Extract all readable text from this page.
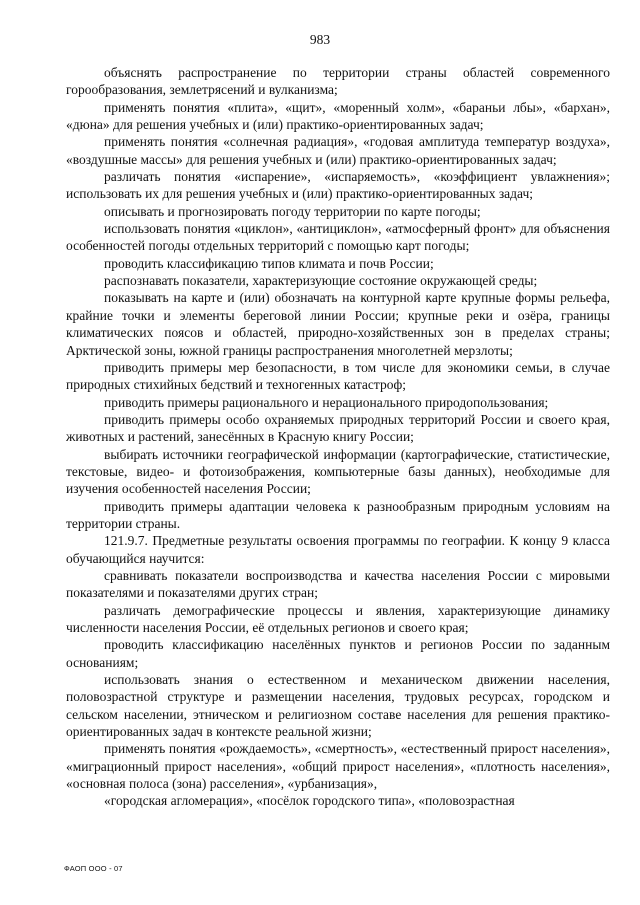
983

объяснять распространение по территории страны областей современного горообразования, землетрясений и вулканизма;

применять понятия «плита», «щит», «моренный холм», «бараньи лбы», «бархан», «дюна» для решения учебных и (или) практико-ориентированных задач;

применять понятия «солнечная радиация», «годовая амплитуда температур воздуха», «воздушные массы» для решения учебных и (или) практико-ориентированных задач;

различать понятия «испарение», «испаряемость», «коэффициент увлажнения»; использовать их для решения учебных и (или) практико-ориентированных задач;

описывать и прогнозировать погоду территории по карте погоды;

использовать понятия «циклон», «антициклон», «атмосферный фронт» для объяснения особенностей погоды отдельных территорий с помощью карт погоды;

проводить классификацию типов климата и почв России;

распознавать показатели, характеризующие состояние окружающей среды;

показывать на карте и (или) обозначать на контурной карте крупные формы рельефа, крайние точки и элементы береговой линии России; крупные реки и озёра, границы климатических поясов и областей, природно-хозяйственных зон в пределах страны; Арктической зоны, южной границы распространения многолетней мерзлоты;

приводить примеры мер безопасности, в том числе для экономики семьи, в случае природных стихийных бедствий и техногенных катастроф;

приводить примеры рационального и нерационального природопользования;

приводить примеры особо охраняемых природных территорий России и своего края, животных и растений, занесённых в Красную книгу России;

выбирать источники географической информации (картографические, статистические, текстовые, видео- и фотоизображения, компьютерные базы данных), необходимые для изучения особенностей населения России;

приводить примеры адаптации человека к разнообразным природным условиям на территории страны.

121.9.7. Предметные результаты освоения программы по географии. К концу 9 класса обучающийся научится:

сравнивать показатели воспроизводства и качества населения России с мировыми показателями и показателями других стран;

различать демографические процессы и явления, характеризующие динамику численности населения России, её отдельных регионов и своего края;

проводить классификацию населённых пунктов и регионов России по заданным основаниям;

использовать знания о естественном и механическом движении населения, половозрастной структуре и размещении населения, трудовых ресурсах, городском и сельском населении, этническом и религиозном составе населения для решения практико-ориентированных задач в контексте реальной жизни;

применять понятия «рождаемость», «смертность», «естественный прирост населения», «миграционный прирост населения», «общий прирост населения», «плотность населения», «основная полоса (зона) расселения», «урбанизация»,

«городская агломерация», «посёлок городского типа», «половозрастная

ФАОП ООО - 07
